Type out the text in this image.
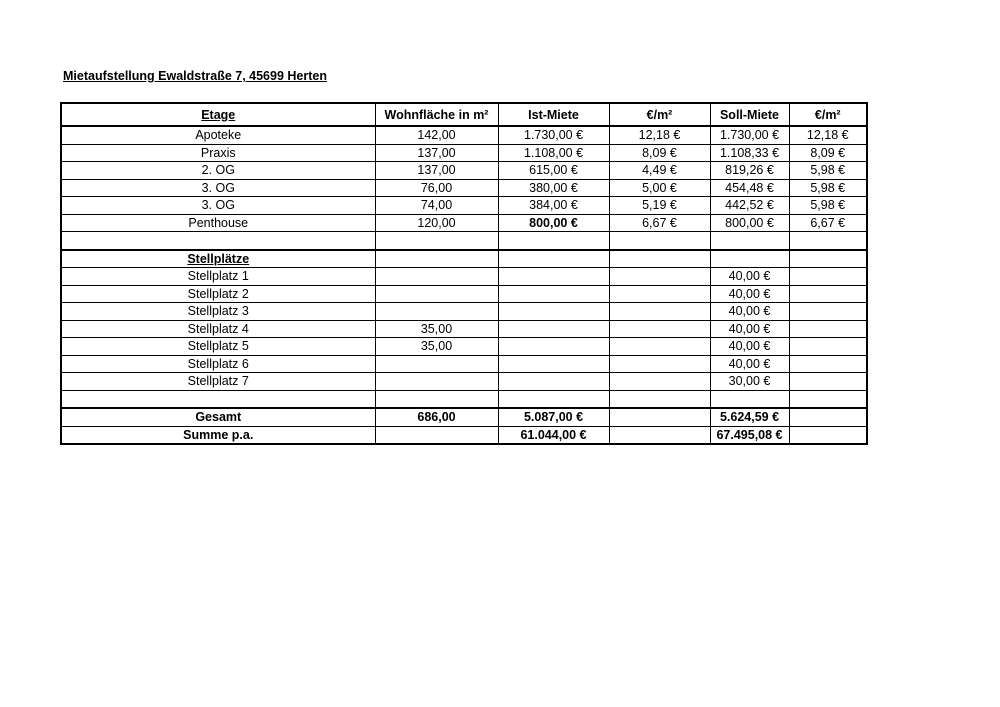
Mietaufstellung Ewaldstraße 7, 45699 Herten
Etage	Wohnfläche in m²	Ist-Miete	€/m²	Soll-Miete	€/m²
Apoteke	142,00	1.730,00 €	12,18 €	1.730,00 €	12,18 €
Praxis	137,00	1.108,00 €	8,09 €	1.108,33 €	8,09 €
2. OG	137,00	615,00 €	4,49 €	819,26 €	5,98 €
3. OG	76,00	380,00 €	5,00 €	454,48 €	5,98 €
3. OG	74,00	384,00 €	5,19 €	442,52 €	5,98 €
Penthouse	120,00	800,00 €	6,67 €	800,00 €	6,67 €

Stellplätze					
Stellplatz 1				40,00 €	
Stellplatz 2				40,00 €	
Stellplatz 3				40,00 €	
Stellplatz 4	35,00			40,00 €	
Stellplatz 5	35,00			40,00 €	
Stellplatz 6				40,00 €	
Stellplatz 7				30,00 €	

Gesamt	686,00	5.087,00 €		5.624,59 €	
Summe p.a.		61.044,00 €		67.495,08 €	
